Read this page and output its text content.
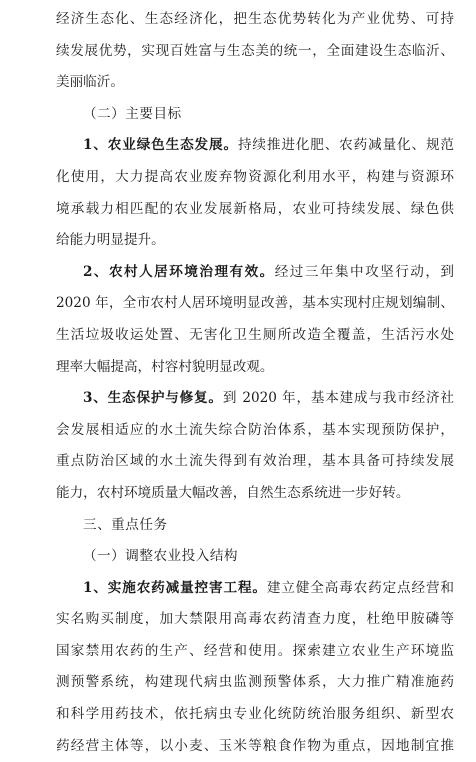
经济生态化、生态经济化，把生态优势转化为产业优势、可持
续发展优势，实现百姓富与生态美的统一，全面建设生态临沂、
美丽临沂。
（二）主要目标
1、农业绿色生态发展。持续推进化肥、农药减量化、规范
化使用，大力提高农业废弃物资源化利用水平，构建与资源环
境承载力相匹配的农业发展新格局，农业可持续发展、绿色供
给能力明显提升。
2、农村人居环境治理有效。经过三年集中攻坚行动，到
2020 年，全市农村人居环境明显改善，基本实现村庄规划编制、
生活垃圾收运处置、无害化卫生厕所改造全覆盖，生活污水处
理率大幅提高，村容村貌明显改观。
3、生态保护与修复。到 2020 年，基本建成与我市经济社
会发展相适应的水土流失综合防治体系，基本实现预防保护，
重点防治区域的水土流失得到有效治理，基本具备可持续发展
能力，农村环境质量大幅改善，自然生态系统进一步好转。
三、重点任务
（一）调整农业投入结构
1、实施农药减量控害工程。建立健全高毒农药定点经营和
实名购买制度，加大禁限用高毒农药清查力度，杜绝甲胺磷等
国家禁用农药的生产、经营和使用。探索建立农业生产环境监
测预警系统，构建现代病虫监测预警体系，大力推广精准施药
和科学用药技术，依托病虫专业化统防统治服务组织、新型农
药经营主体等，以小麦、玉米等粮食作物为重点，因地制宜推
